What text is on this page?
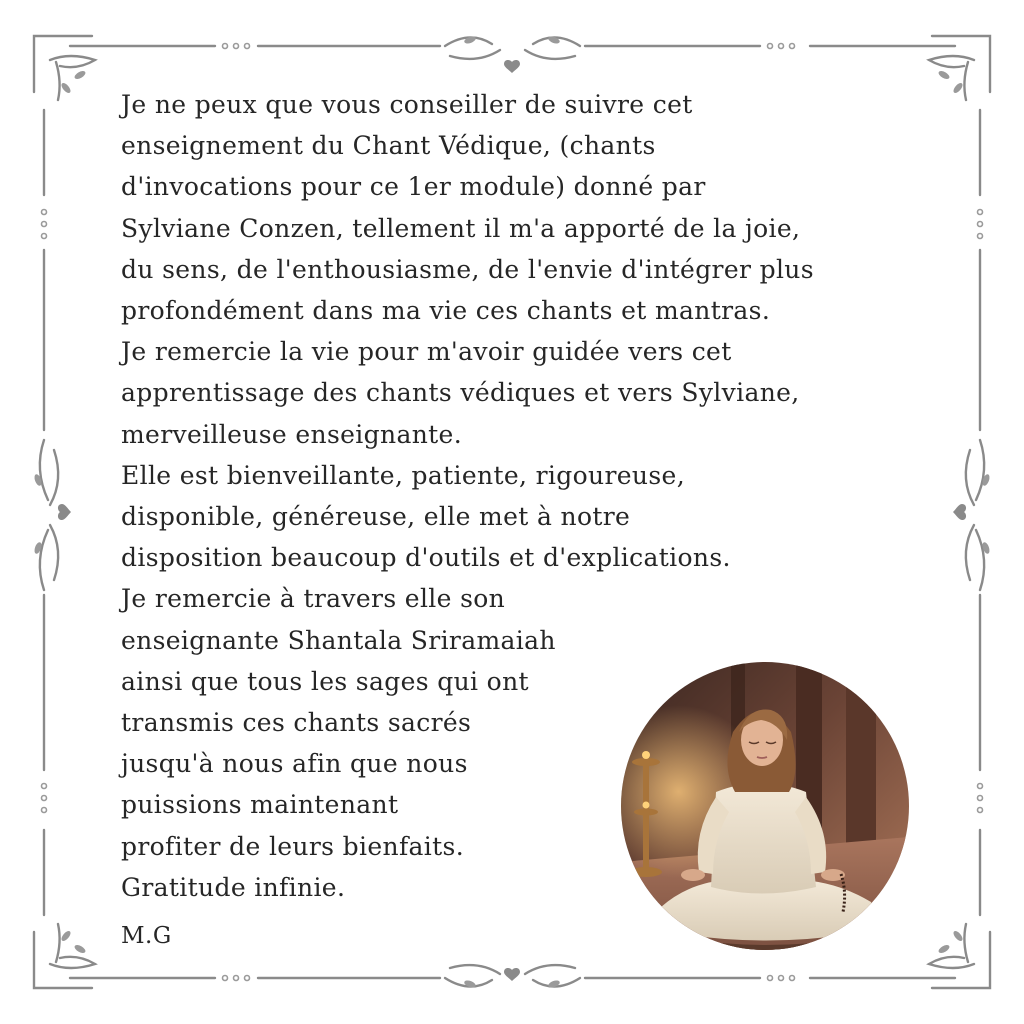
Je ne peux que vous conseiller de suivre cet
enseignement du Chant Védique, (chants
d'invocations pour ce 1er module) donné par
Sylviane Conzen, tellement il m'a apporté de la joie,
du sens, de l'enthousiasme, de l'envie d'intégrer plus
profondément dans ma vie ces chants et mantras.
Je remercie la vie pour m'avoir guidée vers cet
apprentissage des chants védiques et vers Sylviane,
merveilleuse enseignante.
Elle est bienveillante, patiente, rigoureuse,
disponible, généreuse, elle met à notre
disposition beaucoup d'outils et d'explications.
Je remercie à travers elle son
enseignante Shantala Sriramaiah
ainsi que tous les sages qui ont
transmis ces chants sacrés
jusqu'à nous afin que nous
puissions maintenant
profiter de leurs bienfaits.
Gratitude infinie.
M.G
